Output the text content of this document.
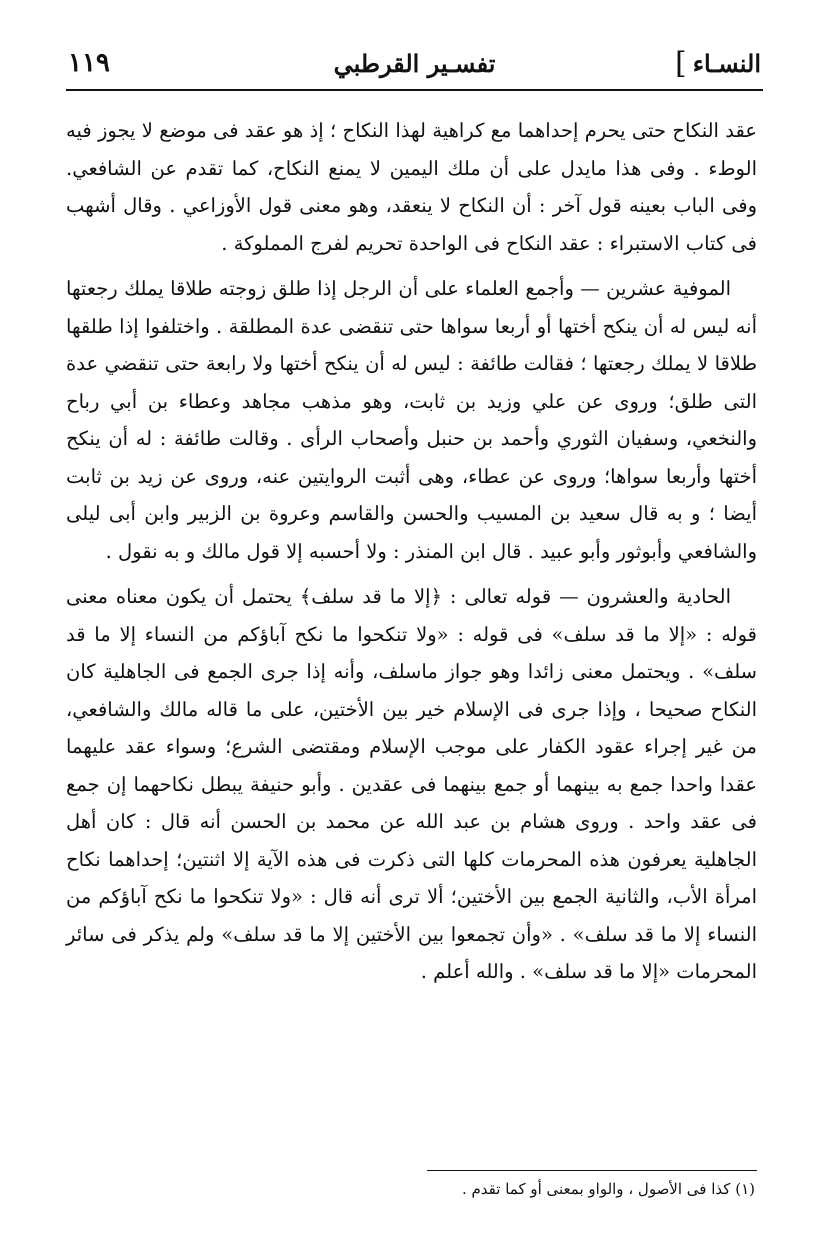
النسـاء
]
تفسـير القرطبي
١١٩

عقد النكاح حتى يحرم إحداهما مع كراهية لهذا النكاح ؛ إذ هو عقد فى موضع لا يجوز فيه الوطء . وفى هذا مايدل على أن ملك اليمين لا يمنع النكاح، كما تقدم عن الشافعي. وفى الباب بعينه قول آخر : أن النكاح لا ينعقد، وهو معنى قول الأوزاعي . وقال أشهب فى كتاب الاستبراء : عقد النكاح فى الواحدة تحريم لفرج المملوكة .

الموفية عشرين — وأجمع العلماء على أن الرجل إذا طلق زوجته طلاقا يملك رجعتها أنه ليس له أن ينكح أختها أو أربعا سواها حتى تنقضى عدة المطلقة . واختلفوا إذا طلقها طلاقا لا يملك رجعتها ؛ فقالت طائفة : ليس له أن ينكح أختها ولا رابعة حتى تنقضي عدة التى طلق؛ وروى عن علي وزيد بن ثابت، وهو مذهب مجاهد وعطاء بن أبي رباح والنخعي، وسفيان الثوري وأحمد بن حنبل وأصحاب الرأى . وقالت طائفة : له أن ينكح أختها وأربعا سواها؛ وروى عن عطاء، وهى أثبت الروايتين عنه، وروى عن زيد بن ثابت أيضا ؛ و به قال سعيد بن المسيب والحسن والقاسم وعروة بن الزبير وابن أبى ليلى والشافعي وأبوثور وأبو عبيد . قال ابن المنذر : ولا أحسبه إلا قول مالك و به نقول .

الحادية والعشرون — قوله تعالى : ﴿إلا ما قد سلف﴾ يحتمل أن يكون معناه معنى قوله : «إلا ما قد سلف» فى قوله : «ولا تنكحوا ما نكح آباؤكم من النساء إلا ما قد سلف» . ويحتمل معنى زائدا وهو جواز ماسلف، وأنه إذا جرى الجمع فى الجاهلية كان النكاح صحيحا ، وإذا جرى فى الإسلام خير بين الأختين، على ما قاله مالك والشافعي، من غير إجراء عقود الكفار على موجب الإسلام ومقتضى الشرع؛ وسواء عقد عليهما عقدا واحدا جمع به بينهما أو جمع بينهما فى عقدين . وأبو حنيفة يبطل نكاحهما إن جمع فى عقد واحد . وروى هشام بن عبد الله عن محمد بن الحسن أنه قال : كان أهل الجاهلية يعرفون هذه المحرمات كلها التى ذكرت فى هذه الآية إلا اثنتين؛ إحداهما نكاح امرأة الأب، والثانية الجمع بين الأختين؛ ألا ترى أنه قال : «ولا تنكحوا ما نكح آباؤكم من النساء إلا ما قد سلف» . «وأن تجمعوا بين الأختين إلا ما قد سلف» ولم يذكر فى سائر المحرمات «إلا ما قد سلف» . والله أعلم .

(١) كذا فى الأصول ، والواو بمعنى أو كما تقدم .
